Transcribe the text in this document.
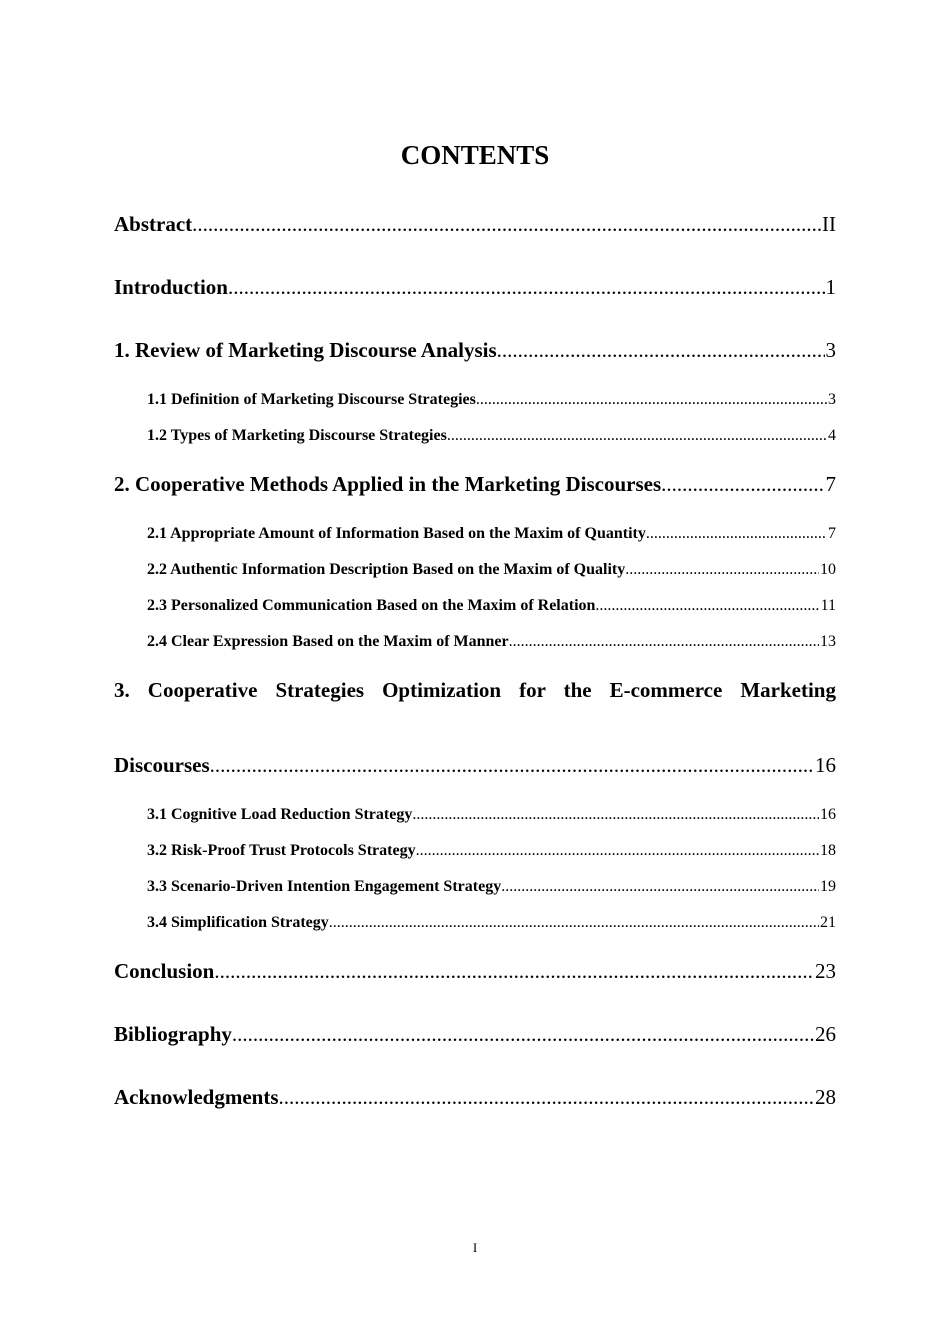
CONTENTS
Abstract .....	II
Introduction .....	1
1. Review of Marketing Discourse Analysis .....	3
1.1 Definition of Marketing Discourse Strategies .....	3
1.2 Types of Marketing Discourse Strategies .....	4
2. Cooperative Methods Applied in the Marketing Discourses .....	7
2.1 Appropriate Amount of Information Based on the Maxim of Quantity .....	7
2.2 Authentic Information Description Based on the Maxim of Quality .....	10
2.3 Personalized Communication Based on the Maxim of Relation .....	11
2.4 Clear Expression Based on the Maxim of Manner .....	13
3. Cooperative Strategies Optimization for the E-commerce Marketing
Discourses .....	16
3.1 Cognitive Load Reduction Strategy .....	16
3.2 Risk-Proof Trust Protocols Strategy .....	18
3.3 Scenario-Driven Intention Engagement Strategy .....	19
3.4 Simplification Strategy .....	21
Conclusion .....	23
Bibliography .....	26
Acknowledgments .....	28
I
